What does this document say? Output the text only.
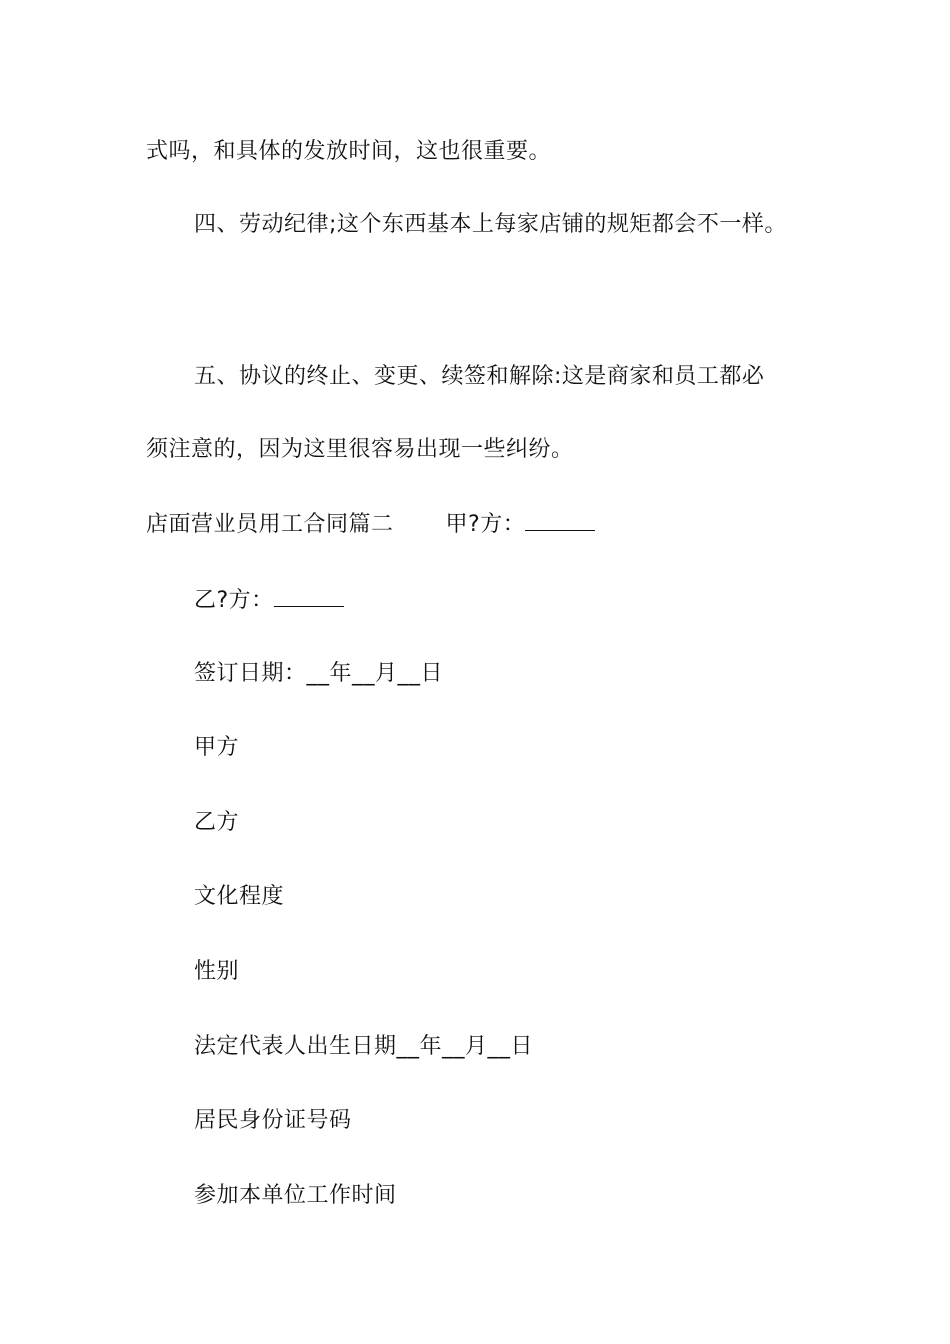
式吗，和具体的发放时间，这也很重要。
四、劳动纪律;这个东西基本上每家店铺的规矩都会不一样。
五、协议的终止、变更、续签和解除:这是商家和员工都必
须注意的，因为这里很容易出现一些纠纷。
店面营业员用工合同篇二 甲?方：
乙?方：
签订日期：__年__月__日
甲方
乙方
文化程度
性别
法定代表人出生日期__年__月__日
居民身份证号码
参加本单位工作时间
